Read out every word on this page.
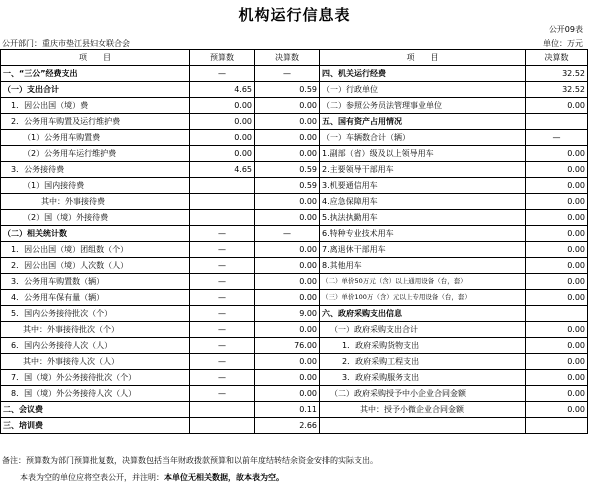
机构运行信息表
公开09表
公开部门：重庆市垫江县妇女联合会	单位：万元
项　　目	预算数	决算数	项　　目	决算数
一、“三公”经费支出	—	—	四、机关运行经费	32.52
（一）支出合计	4.65	0.59	（一）行政单位	32.52
1．因公出国（境）费	0.00	0.00	（二）参照公务员法管理事业单位	0.00
2．公务用车购置及运行维护费	0.00	0.00	五、国有资产占用情况	
（1）公务用车购置费	0.00	0.00	（一）车辆数合计（辆）	—
（2）公务用车运行维护费	0.00	0.00	1.副部（省）级及以上领导用车	0.00
3．公务接待费	4.65	0.59	2.主要领导干部用车	0.00
（1）国内接待费		0.59	3.机要通信用车	0.00
其中：外事接待费		0.00	4.应急保障用车	0.00
（2）国（境）外接待费		0.00	5.执法执勤用车	0.00
（二）相关统计数	—	—	6.特种专业技术用车	0.00
1．因公出国（境）团组数（个）	—	0.00	7.离退休干部用车	0.00
2．因公出国（境）人次数（人）	—	0.00	8.其他用车	0.00
3．公务用车购置数（辆）	—	0.00	（二）单价50万元（含）以上通用设备（台，套）	0.00
4．公务用车保有量（辆）	—	0.00	（三）单价100万（含）元以上专用设备（台，套）	0.00
5．国内公务接待批次（个）	—	9.00	六、政府采购支出信息	
其中：外事接待批次（个）	—	0.00	（一）政府采购支出合计	0.00
6．国内公务接待人次（人）	—	76.00	1．政府采购货物支出	0.00
其中：外事接待人次（人）	—	0.00	2．政府采购工程支出	0.00
7．国（境）外公务接待批次（个）	—	0.00	3．政府采购服务支出	0.00
8．国（境）外公务接待人次（人）	—	0.00	（二）政府采购授予中小企业合同金额	0.00
二、会议费		0.11	其中：授予小微企业合同金额	0.00
三、培训费		2.66		
备注：预算数为部门预算批复数，决算数包括当年财政拨款预算和以前年度结转结余资金安排的实际支出。
本表为空的单位应将空表公开，并注明：本单位无相关数据，故本表为空。
